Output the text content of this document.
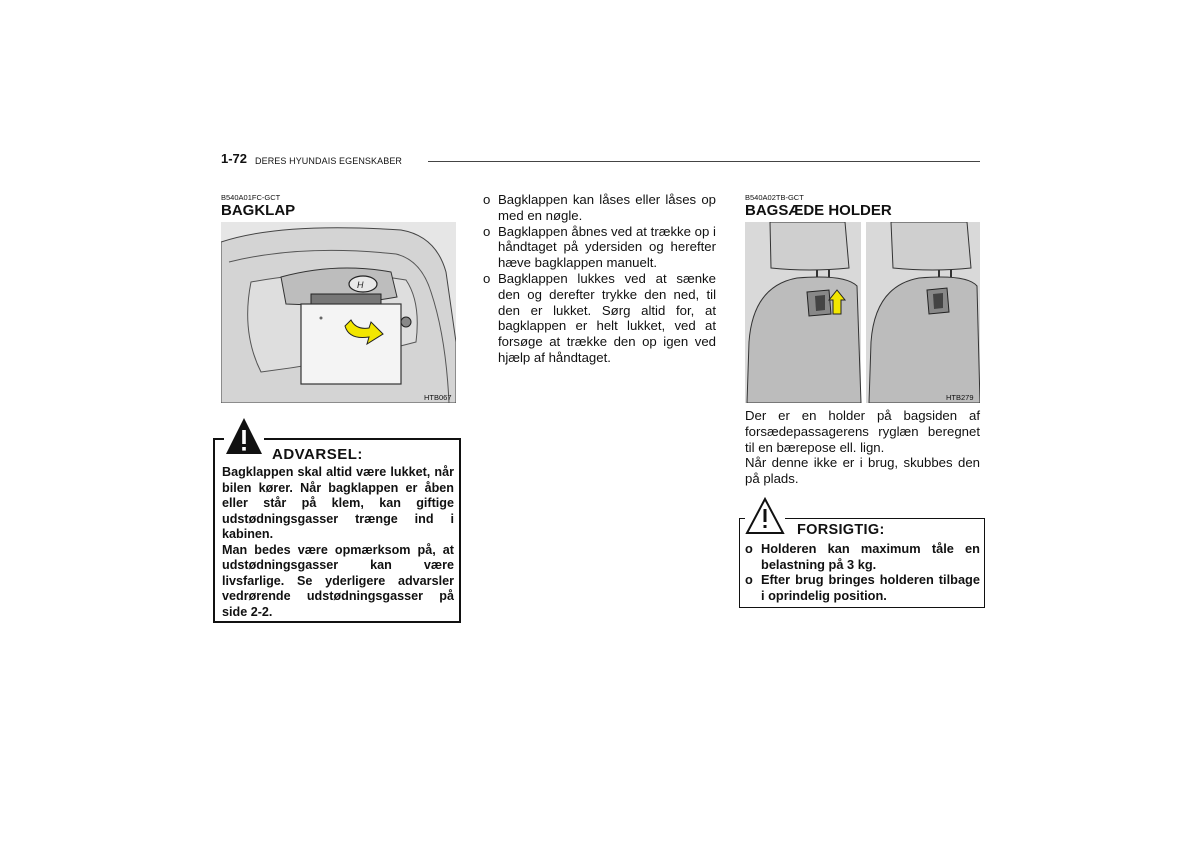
1-72 DERES HYUNDAIS EGENSKABER
B540A01FC-GCT
BAGKLAP
H
HTB067
ADVARSEL:
Bagklappen skal altid være lukket, når bilen kører. Når bagklappen er åben eller står på klem, kan giftige udstødningsgasser trænge ind i kabinen.
Man bedes være opmærksom på, at udstødningsgasser kan være livsfarlige. Se yderligere advarsler vedrørende udstødningsgasser på side 2-2.
o Bagklappen kan låses eller låses op med en nøgle.
o Bagklappen åbnes ved at trække op i håndtaget på ydersiden og herefter hæve bagklappen manuelt.
o Bagklappen lukkes ved at sænke den og derefter trykke den ned, til den er lukket. Sørg altid for, at bagklappen er helt lukket, ved at forsøge at trække den op igen ved hjælp af håndtaget.
B540A02TB-GCT
BAGSÆDE HOLDER
HTB279
Der er en holder på bagsiden af forsædepassagerens ryglæn beregnet til en bærepose ell. lign.
Når denne ikke er i brug, skubbes den på plads.
FORSIGTIG:
o Holderen kan maximum tåle en belastning på 3 kg.
o Efter brug bringes holderen tilbage i oprindelig position.
